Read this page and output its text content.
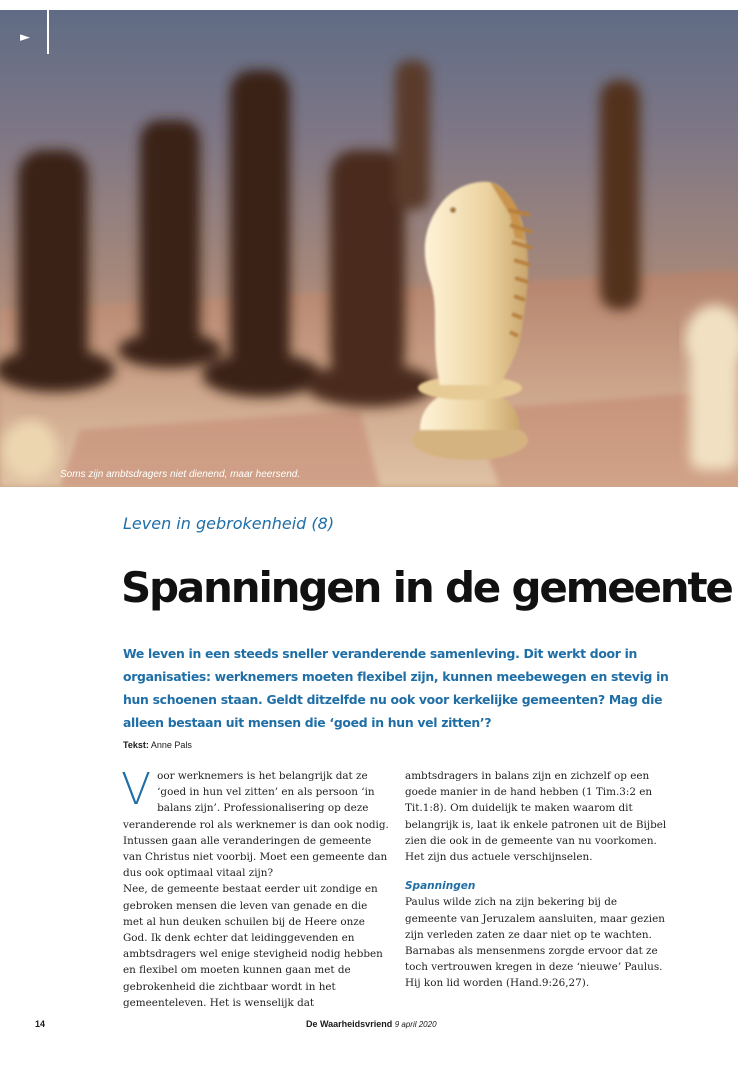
►
Soms zijn ambtsdragers niet dienend, maar heersend.
Leven in gebrokenheid (8)
Spanningen in de gemeente
We leven in een steeds sneller veranderende samenleving. Dit werkt door in organisaties: werknemers moeten flexibel zijn, kunnen meebewegen en stevig in hun schoenen staan. Geldt ditzelfde nu ook voor kerkelijke gemeenten? Mag die alleen bestaan uit mensen die ‘goed in hun vel zitten’?
Tekst: Anne Pals

Voor werknemers is het belangrijk dat ze ‘goed in hun vel zitten’ en als persoon ‘in balans zijn’. Professionalisering op deze veranderende rol als werknemer is dan ook nodig. Intussen gaan alle veranderingen de gemeente van Christus niet voorbij. Moet een gemeente dan dus ook optimaal vitaal zijn?

Nee, de gemeente bestaat eerder uit zondige en gebroken mensen die leven van genade en die met al hun deuken schuilen bij de Heere onze God. Ik denk echter dat leidinggevenden en ambtsdragers wel enige stevigheid nodig hebben en flexibel om moeten kunnen gaan met de gebrokenheid die zichtbaar wordt in het gemeenteleven. Het is wenselijk dat

ambtsdragers in balans zijn en zichzelf op een goede manier in de hand hebben (1 Tim.3:2 en Tit.1:8). Om duidelijk te maken waarom dit belangrijk is, laat ik enkele patronen uit de Bijbel zien die ook in de gemeente van nu voorkomen. Het zijn dus actuele verschijnselen.

Spanningen

Paulus wilde zich na zijn bekering bij de gemeente van Jeruzalem aansluiten, maar gezien zijn verleden zaten ze daar niet op te wachten. Barnabas als mensenmens zorgde ervoor dat ze toch vertrouwen kregen in deze ‘nieuwe’ Paulus. Hij kon lid worden (Hand.9:26,27).

14	De Waarheidsvriend 9 april 2020
